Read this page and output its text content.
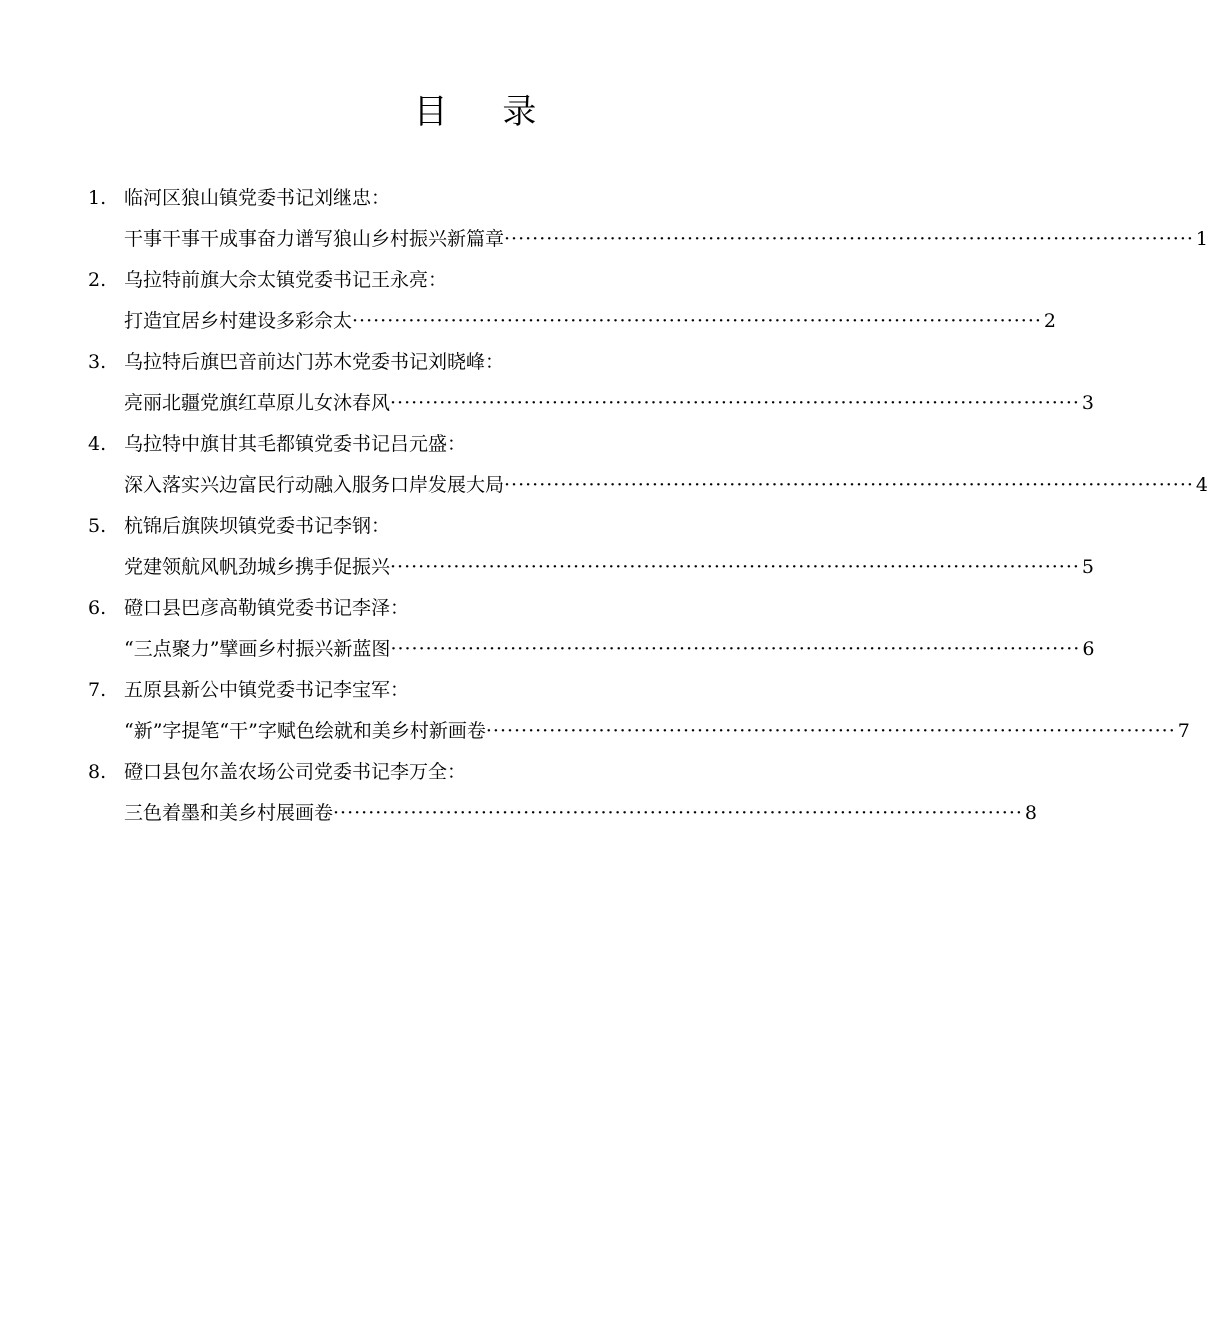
目 录
1. 临河区狼山镇党委书记刘继忠：
干事干事干成事奋力谱写狼山乡村振兴新篇章 ·································································································· 1
2. 乌拉特前旗大佘太镇党委书记王永亮：
打造宜居乡村建设多彩佘太 ·································································································· 2
3. 乌拉特后旗巴音前达门苏木党委书记刘晓峰：
亮丽北疆党旗红草原儿女沐春风 ·································································································· 3
4. 乌拉特中旗甘其毛都镇党委书记吕元盛：
深入落实兴边富民行动融入服务口岸发展大局 ·································································································· 4
5. 杭锦后旗陕坝镇党委书记李钢：
党建领航风帆劲城乡携手促振兴 ·································································································· 5
6. 磴口县巴彦高勒镇党委书记李泽：
“三点聚力”擘画乡村振兴新蓝图 ·································································································· 6
7. 五原县新公中镇党委书记李宝军：
“新”字提笔“干”字赋色绘就和美乡村新画卷 ·································································································· 7
8. 磴口县包尔盖农场公司党委书记李万全：
三色着墨和美乡村展画卷 ·································································································· 8
